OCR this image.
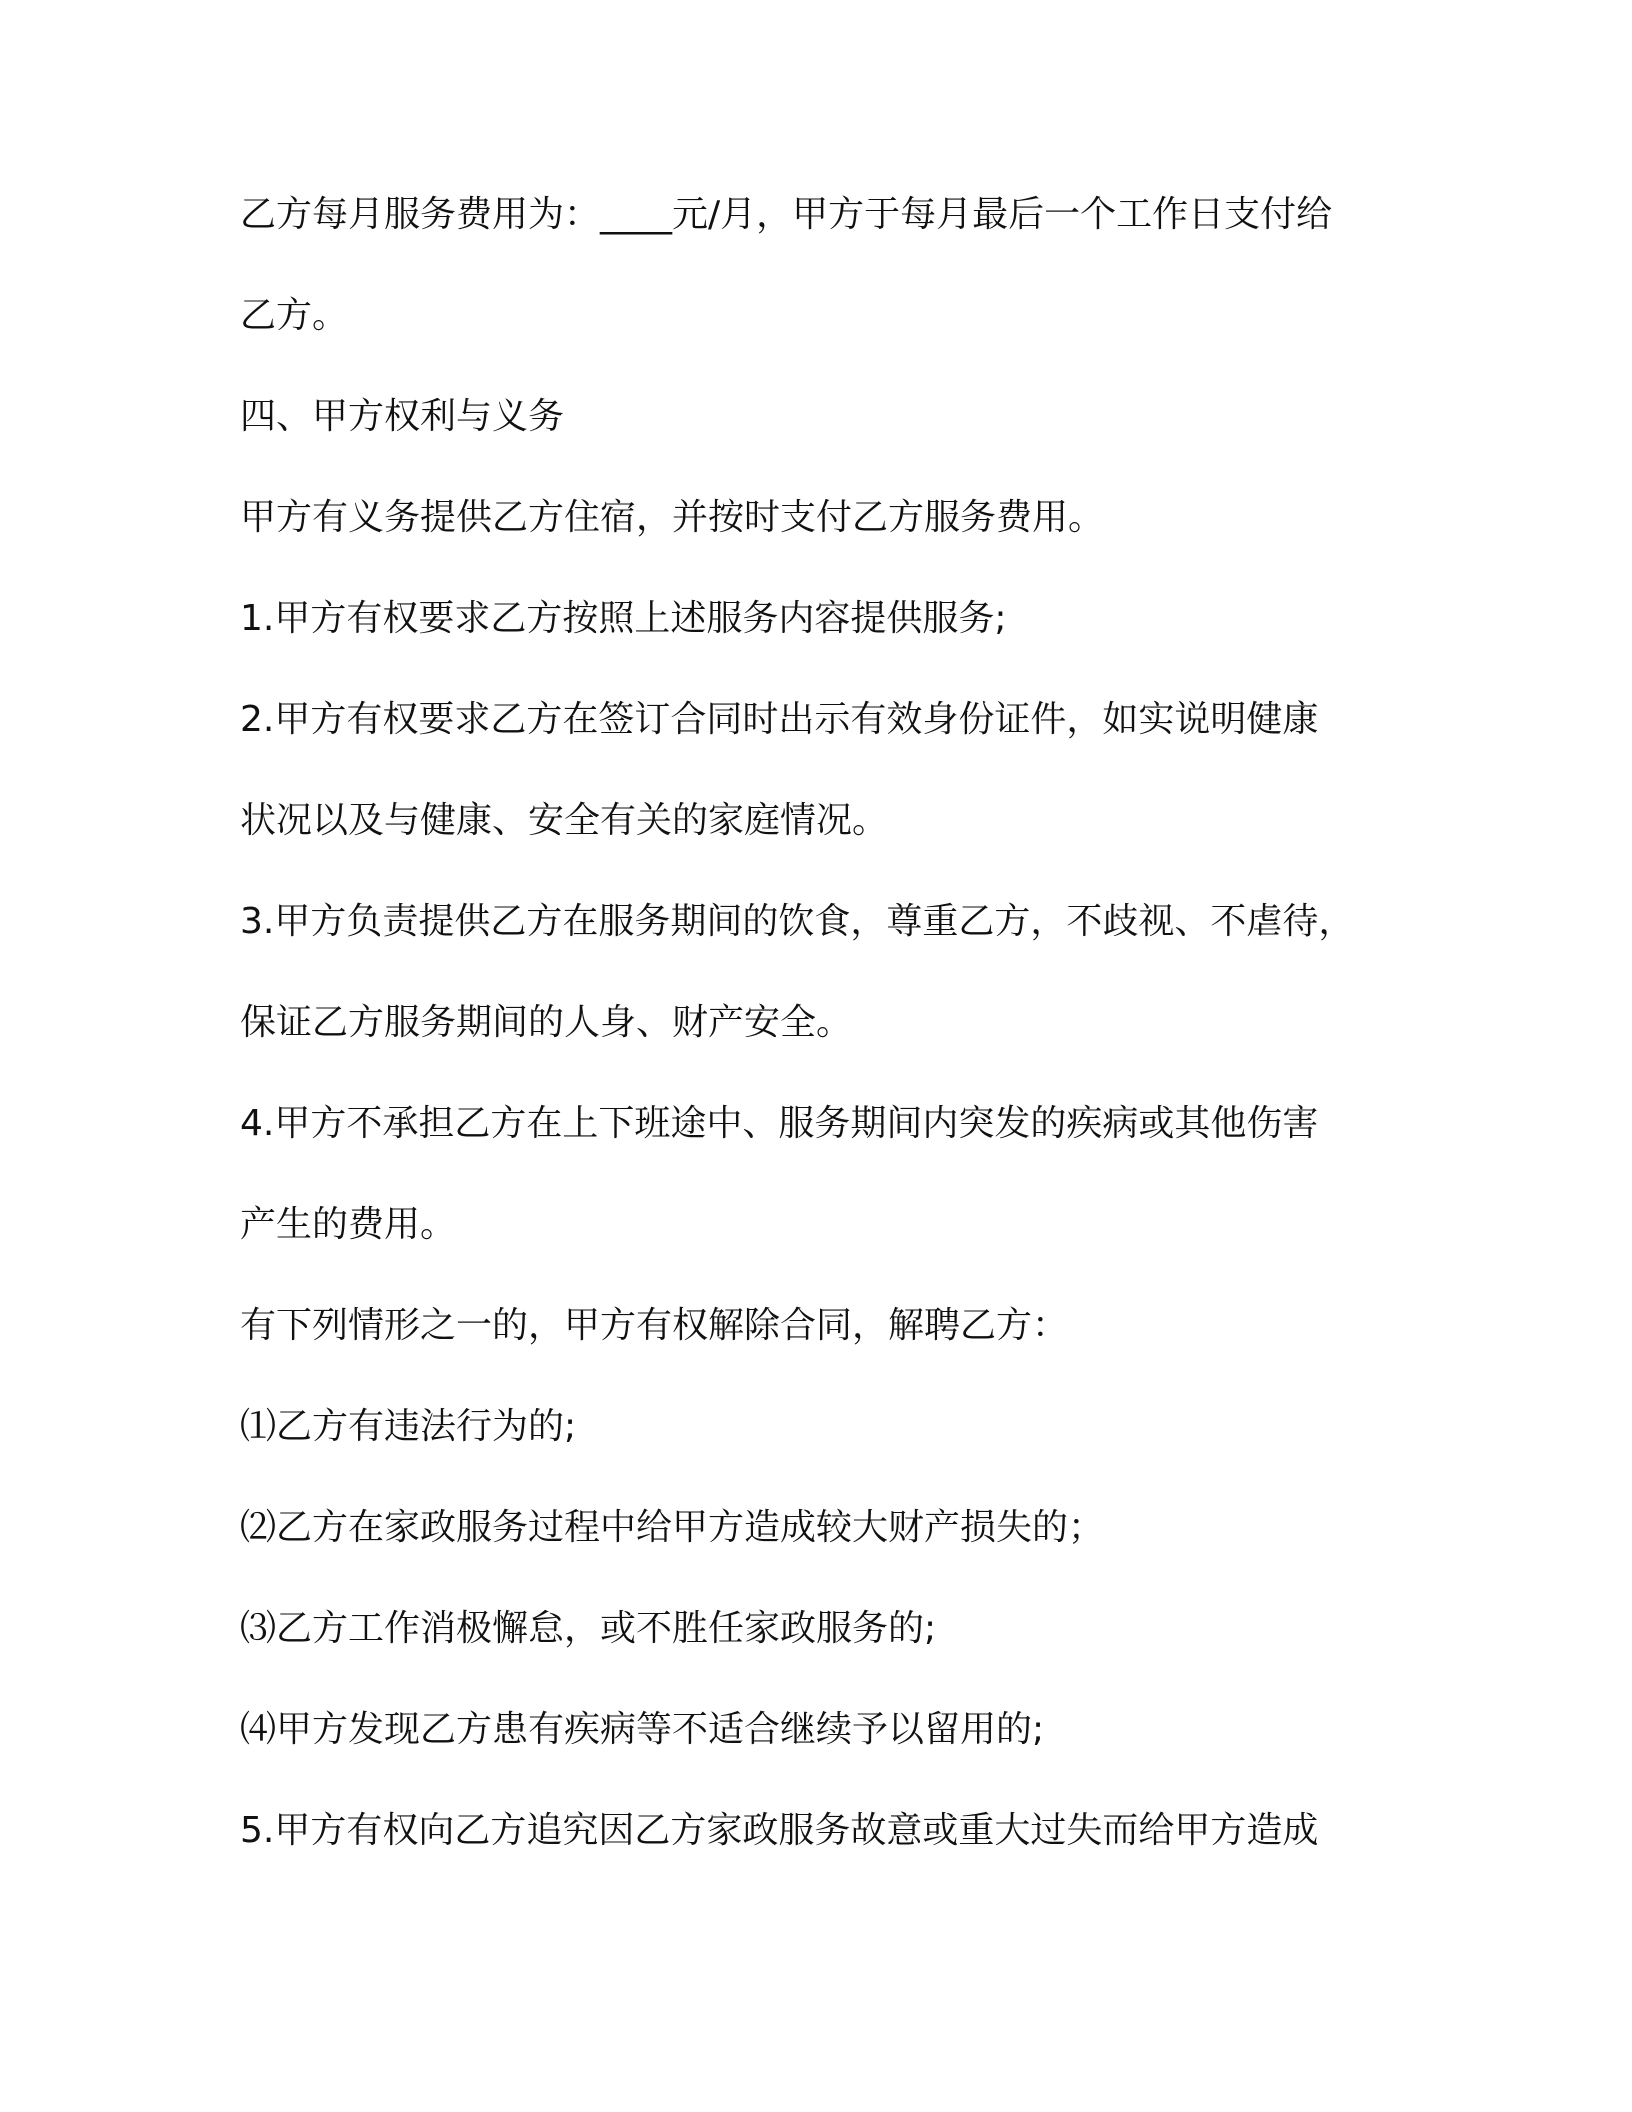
乙方每月服务费用为：____元/月，甲方于每月最后一个工作日支付给
乙方。
四、甲方权利与义务
甲方有义务提供乙方住宿，并按时支付乙方服务费用。
1.甲方有权要求乙方按照上述服务内容提供服务;
2.甲方有权要求乙方在签订合同时出示有效身份证件，如实说明健康
状况以及与健康、安全有关的家庭情况。
3.甲方负责提供乙方在服务期间的饮食，尊重乙方，不歧视、不虐待，
保证乙方服务期间的人身、财产安全。
4.甲方不承担乙方在上下班途中、服务期间内突发的疾病或其他伤害
产生的费用。
有下列情形之一的，甲方有权解除合同，解聘乙方：
⑴乙方有违法行为的;
⑵乙方在家政服务过程中给甲方造成较大财产损失的；
⑶乙方工作消极懈怠，或不胜任家政服务的;
⑷甲方发现乙方患有疾病等不适合继续予以留用的;
5.甲方有权向乙方追究因乙方家政服务故意或重大过失而给甲方造成
